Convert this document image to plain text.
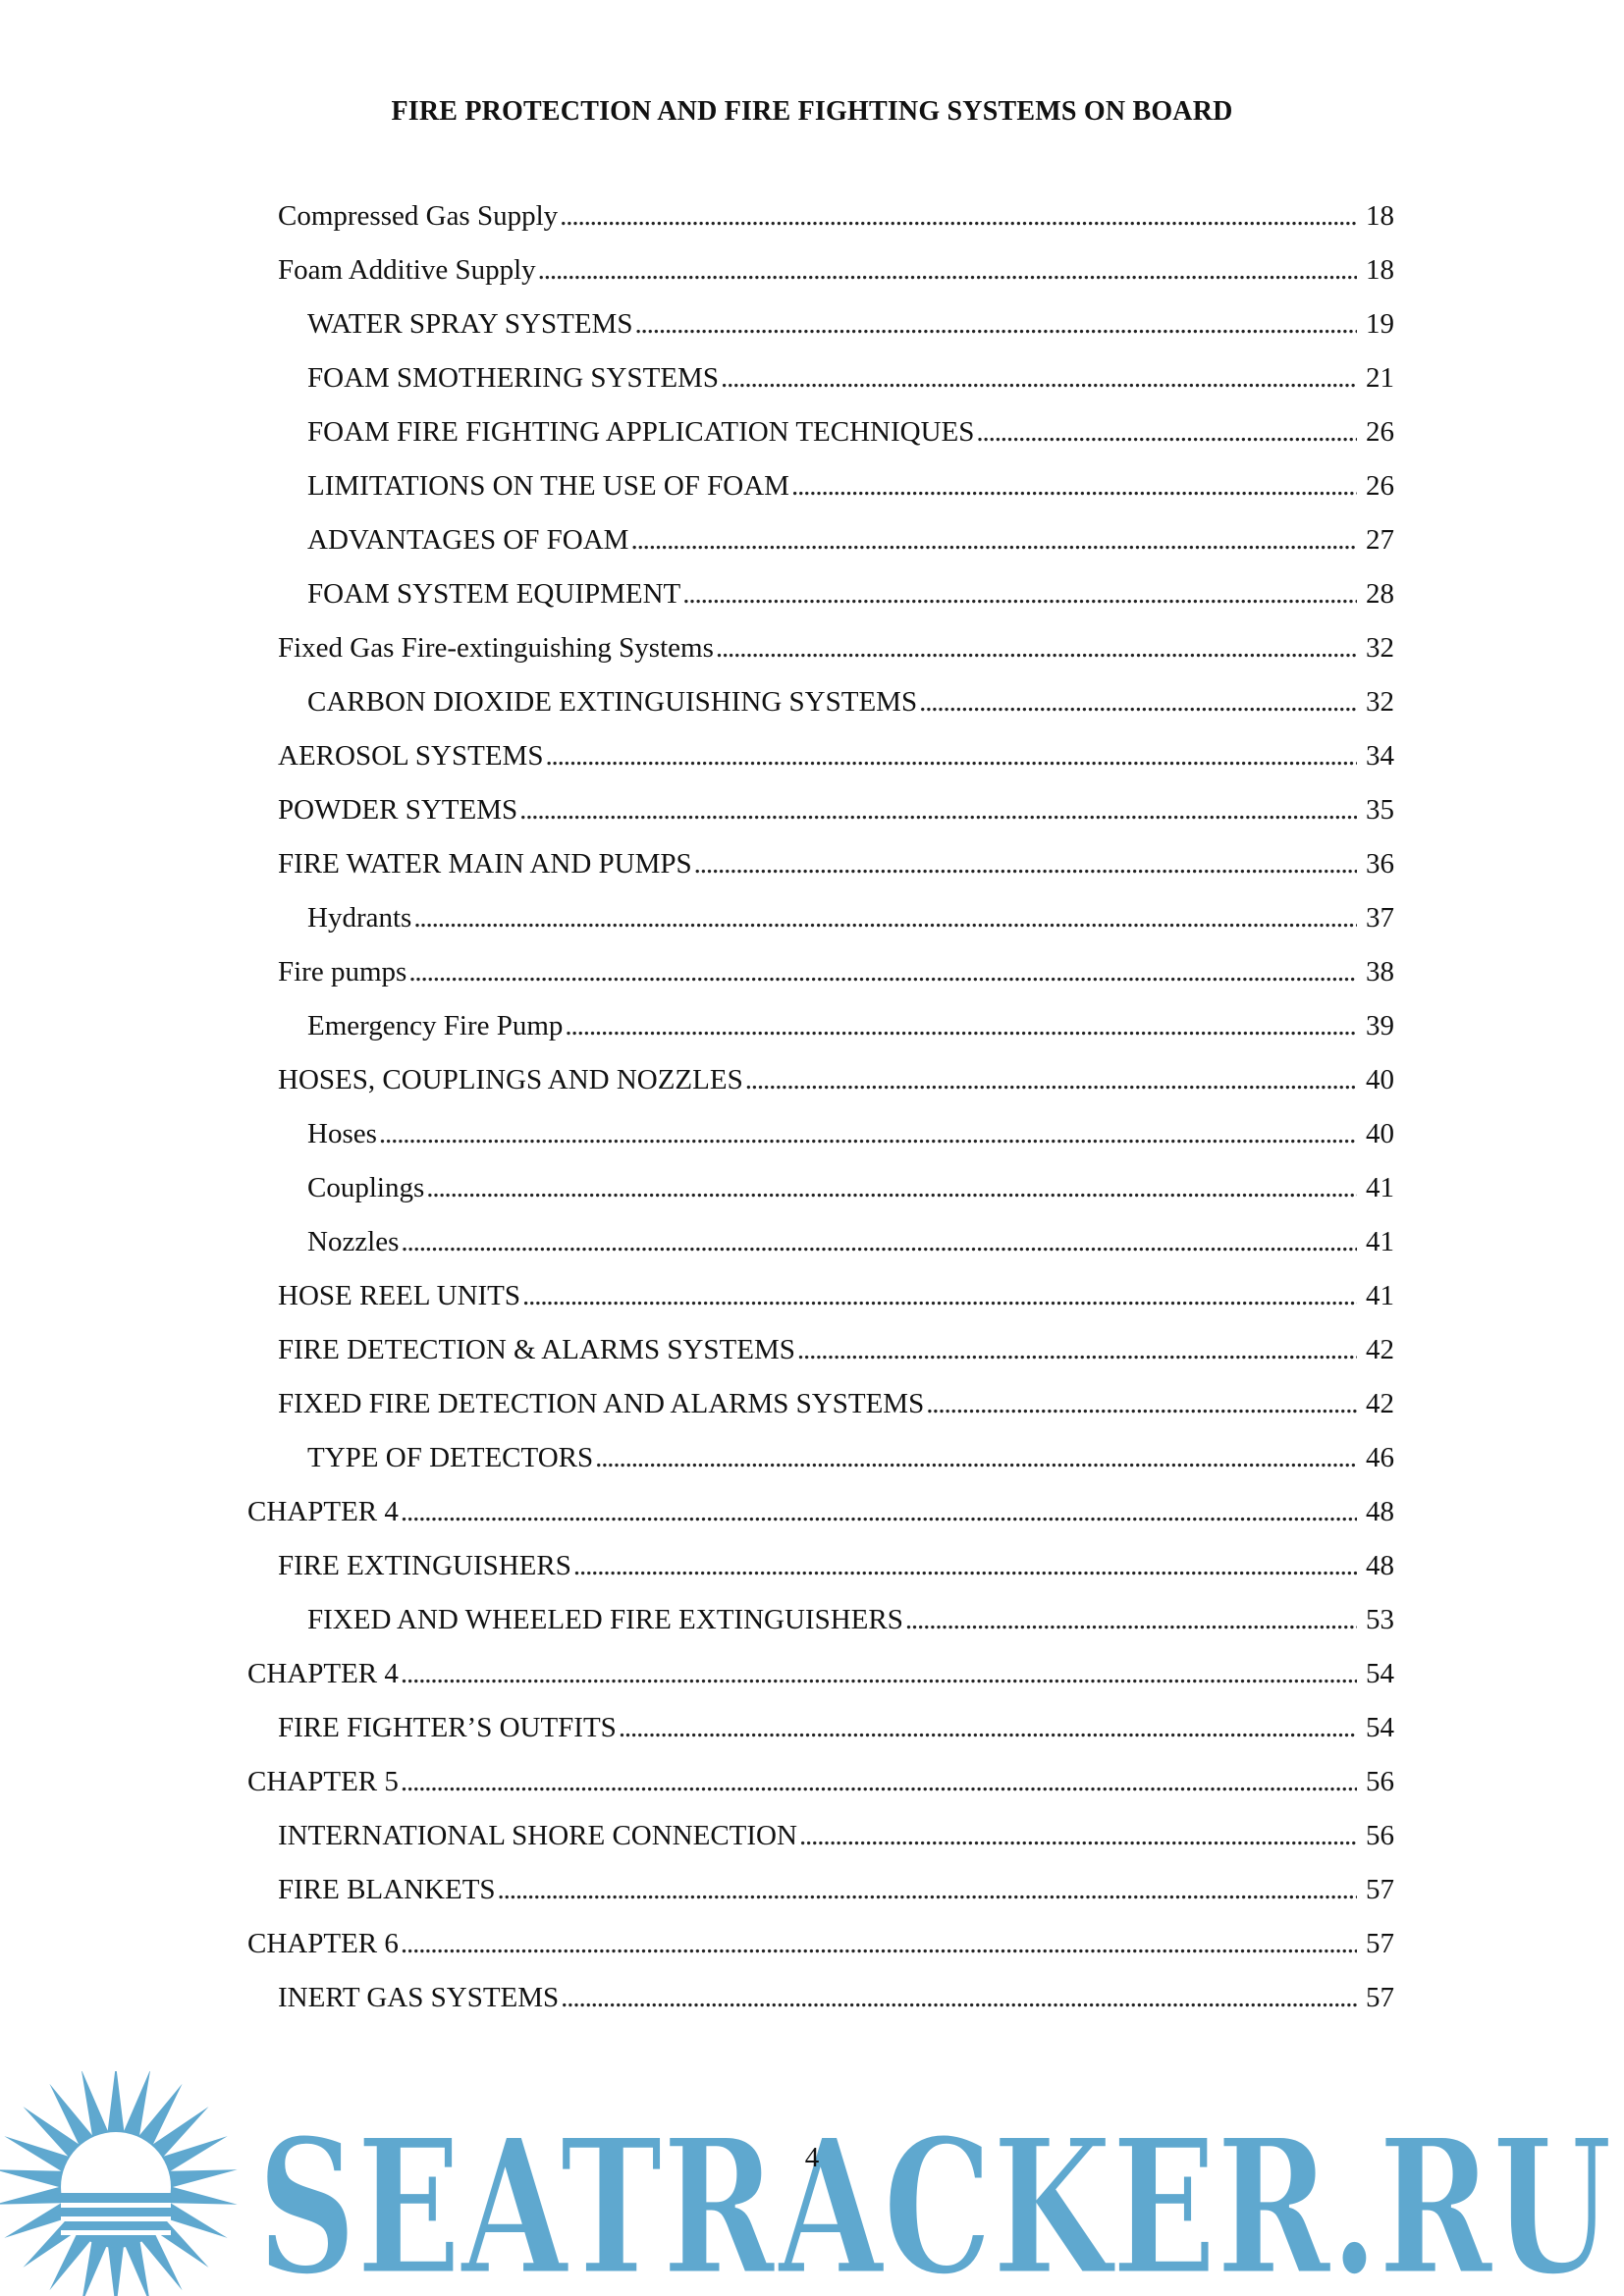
FIRE PROTECTION AND FIRE FIGHTING SYSTEMS ON BOARD
Compressed Gas Supply . . .	18
Foam Additive Supply . . .	18
WATER SPRAY SYSTEMS . . .	19
FOAM SMOTHERING SYSTEMS . . .	21
FOAM FIRE FIGHTING APPLICATION TECHNIQUES . . .	26
LIMITATIONS ON THE USE OF FOAM . . .	26
ADVANTAGES OF FOAM . . .	27
FOAM SYSTEM EQUIPMENT . . .	28
Fixed Gas Fire-extinguishing Systems . . .	32
CARBON DIOXIDE EXTINGUISHING SYSTEMS . . .	32
AEROSOL SYSTEMS . . .	34
POWDER SYTEMS . . .	35
FIRE WATER MAIN AND PUMPS . . .	36
Hydrants . . .	37
Fire pumps . . .	38
Emergency Fire Pump . . .	39
HOSES, COUPLINGS AND NOZZLES . . .	40
Hoses . . .	40
Couplings . . .	41
Nozzles . . .	41
HOSE REEL UNITS . . .	41
FIRE DETECTION & ALARMS SYSTEMS . . .	42
FIXED FIRE DETECTION AND ALARMS SYSTEMS . . .	42
TYPE OF DETECTORS . . .	46
CHAPTER 4 . . .	48
FIRE EXTINGUISHERS . . .	48
FIXED AND WHEELED FIRE EXTINGUISHERS . . .	53
CHAPTER 4 . . .	54
FIRE FIGHTER’S OUTFITS . . .	54
CHAPTER 5 . . .	56
INTERNATIONAL SHORE CONNECTION . . .	56
FIRE BLANKETS . . .	57
CHAPTER 6 . . .	57
INERT GAS SYSTEMS . . .	57
SEATRACKER.RU
4
